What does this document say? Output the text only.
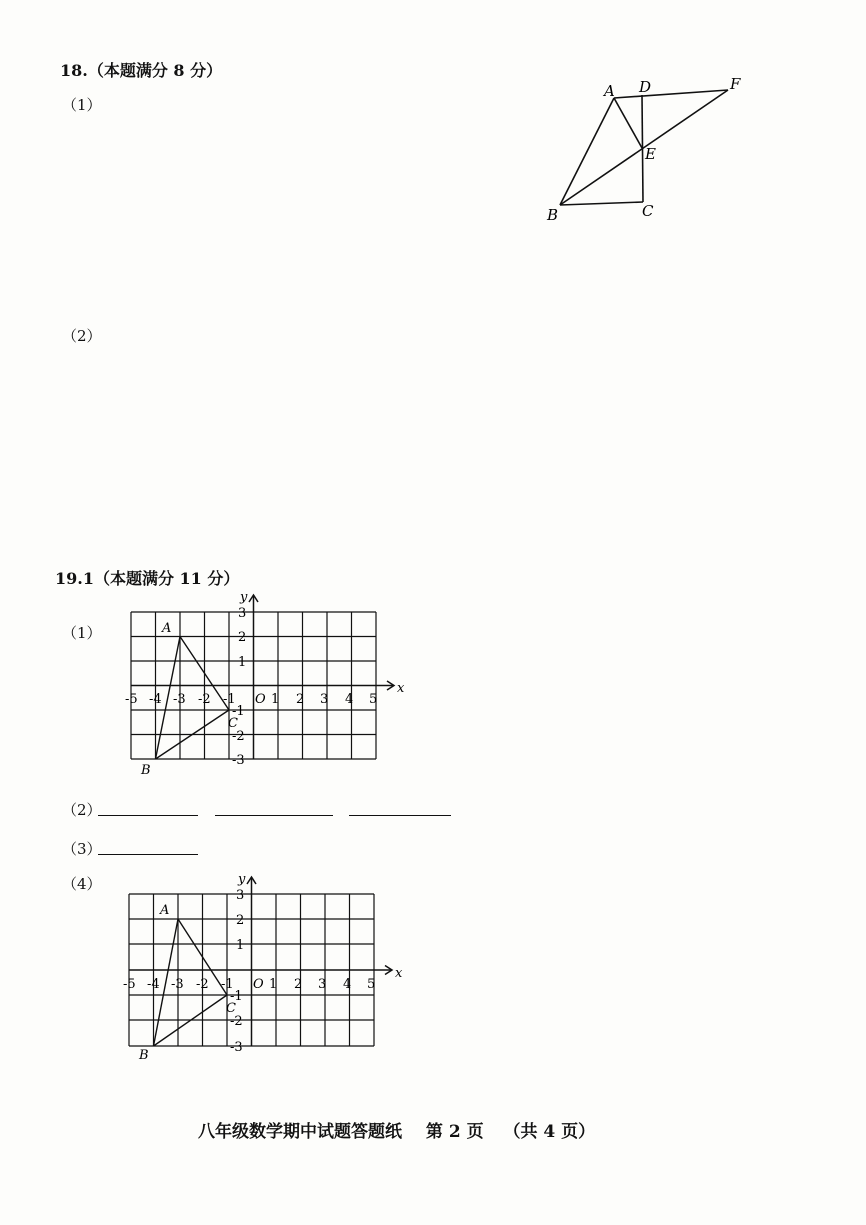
18.（本题满分 8 分）
（1）
（2）
A D	F
E
B	C
19.1（本题满分 11 分）
（1）
x
y
O
-5 -4 -3 -2 -1	1 2 3 4 5
3
2
1
-1
-2
-3
A
B
C
（2）
（3）
（4）
x
y
O
-5 -4 -3 -2 -1	1 2 3 4 5
3
2
1
-1
-2
-3
A
B
C
八年级数学期中试题答题纸 第 2 页 （共 4 页）
